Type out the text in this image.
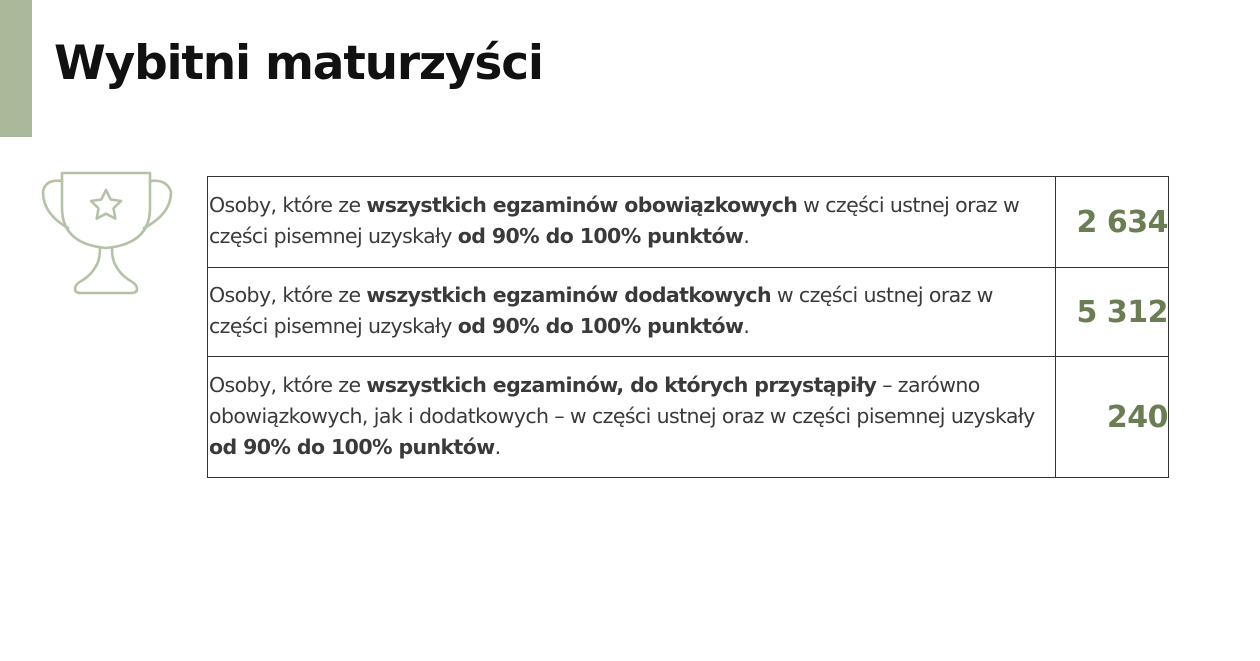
Wybitni maturzyści
Osoby, które ze wszystkich egzaminów obowiązkowych w części ustnej oraz w części pisemnej uzyskały od 90% do 100% punktów.	2 634
Osoby, które ze wszystkich egzaminów dodatkowych w części ustnej oraz w części pisemnej uzyskały od 90% do 100% punktów.	5 312
Osoby, które ze wszystkich egzaminów, do których przystąpiły – zarówno obowiązkowych, jak i dodatkowych – w części ustnej oraz w części pisemnej uzyskały od 90% do 100% punktów.	240
